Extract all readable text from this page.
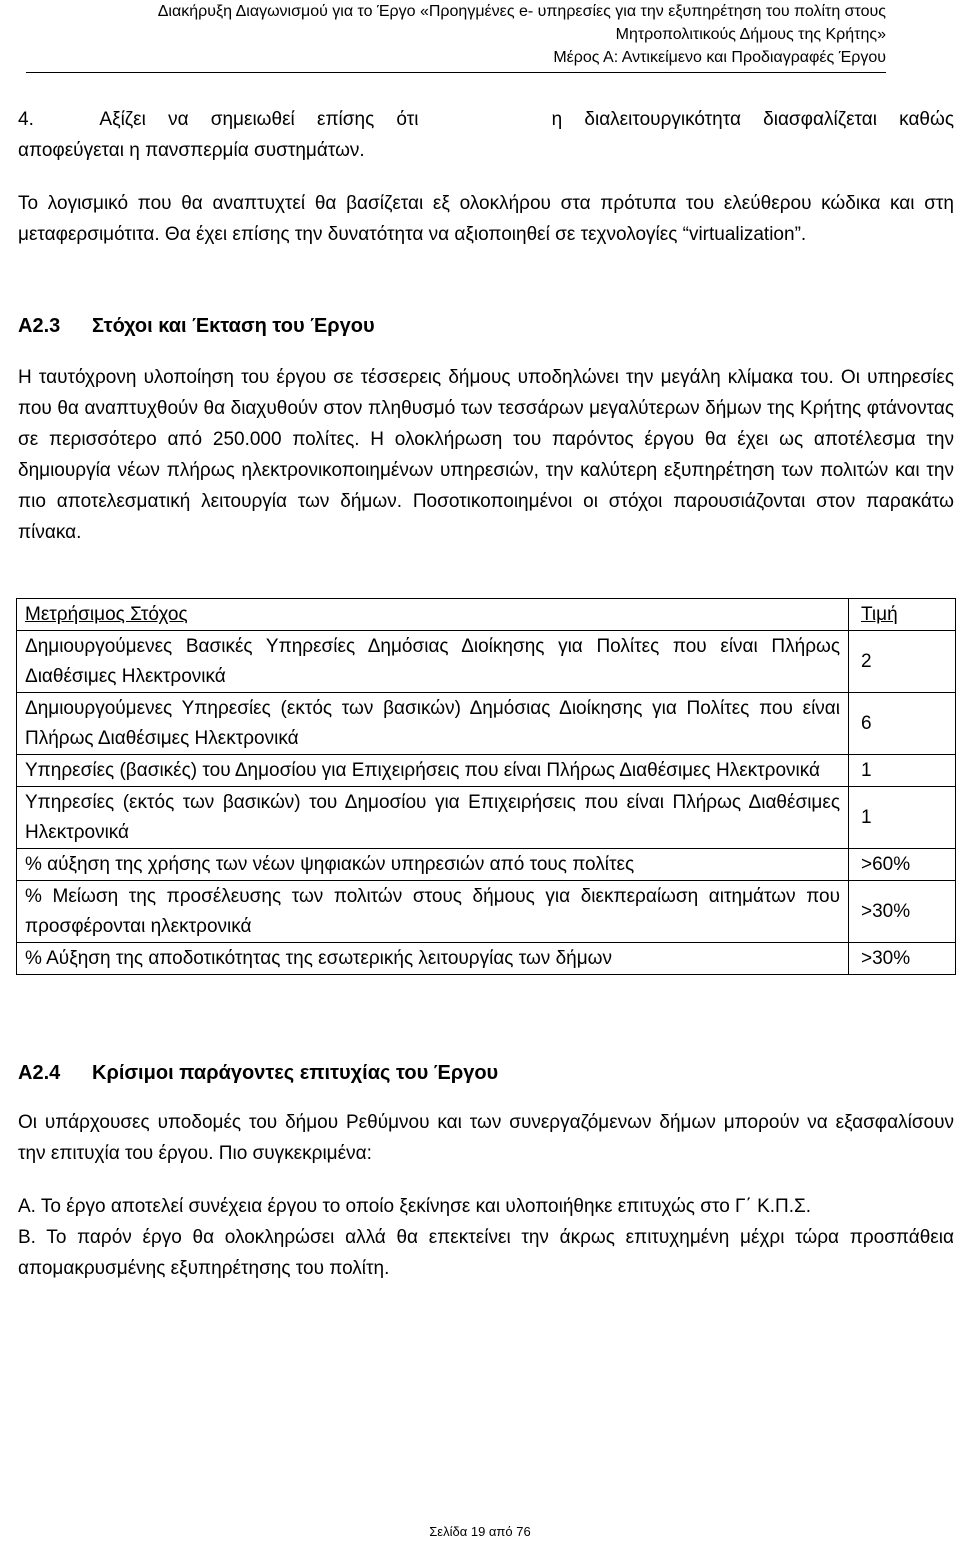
Διακήρυξη Διαγωνισμού για το Έργο «Προηγμένες e- υπηρεσίες για την εξυπηρέτηση του πολίτη στους
Μητροπολιτικούς Δήμους της Κρήτης»
Μέρος Α: Αντικείμενο και Προδιαγραφές Έργου

4.   Αξίζει να σημειωθεί επίσης ότι      η διαλειτουργικότητα διασφαλίζεται καθώς
αποφεύγεται η πανσπερμία συστημάτων.

Το λογισμικό που θα αναπτυχτεί θα βασίζεται εξ ολοκλήρου στα πρότυπα του ελεύθερου κώδικα και στη μεταφερσιμότιτα. Θα έχει επίσης την δυνατότητα να αξιοποιηθεί σε τεχνολογίες “virtualization”.

Α2.3	Στόχοι και Έκταση του Έργου

Η ταυτόχρονη υλοποίηση του έργου σε τέσσερεις δήμους υποδηλώνει την μεγάλη κλίμακα του. Οι υπηρεσίες που θα αναπτυχθούν θα διαχυθούν στον πληθυσμό των τεσσάρων μεγαλύτερων δήμων της Κρήτης φτάνοντας σε περισσότερο από 250.000 πολίτες. Η ολοκλήρωση του παρόντος έργου θα έχει ως αποτέλεσμα την δημιουργία νέων πλήρως ηλεκτρονικοποιημένων υπηρεσιών, την καλύτερη εξυπηρέτηση των πολιτών και την πιο αποτελεσματική λειτουργία των δήμων. Ποσοτικοποιημένοι οι στόχοι παρουσιάζονται στον παρακάτω πίνακα.

Μετρήσιμος Στόχος	Τιμή
Δημιουργούμενες Βασικές Υπηρεσίες Δημόσιας Διοίκησης για Πολίτες που είναι Πλήρως Διαθέσιμες Ηλεκτρονικά	2
Δημιουργούμενες Υπηρεσίες (εκτός των βασικών) Δημόσιας Διοίκησης για Πολίτες που είναι Πλήρως Διαθέσιμες Ηλεκτρονικά	6
Υπηρεσίες (βασικές) του Δημοσίου για Επιχειρήσεις που είναι Πλήρως Διαθέσιμες Ηλεκτρονικά	1
Υπηρεσίες (εκτός των βασικών) του Δημοσίου για Επιχειρήσεις που είναι Πλήρως Διαθέσιμες Ηλεκτρονικά	1
% αύξηση της χρήσης των νέων ψηφιακών υπηρεσιών από τους πολίτες	>60%
% Μείωση της προσέλευσης των πολιτών στους δήμους για διεκπεραίωση αιτημάτων που προσφέρονται ηλεκτρονικά	>30%
% Αύξηση της αποδοτικότητας της εσωτερικής λειτουργίας των δήμων	>30%
Α2.4	Κρίσιμοι παράγοντες επιτυχίας του Έργου

Οι υπάρχουσες υποδομές του δήμου Ρεθύμνου και των συνεργαζόμενων δήμων μπορούν να εξασφαλίσουν την επιτυχία του έργου. Πιο συγκεκριμένα:

Α. Το έργο αποτελεί συνέχεια έργου το οποίο ξεκίνησε και υλοποιήθηκε επιτυχώς στο Γ΄ Κ.Π.Σ.

Β. Το παρόν έργο θα ολοκληρώσει αλλά θα επεκτείνει την άκρως επιτυχημένη μέχρι τώρα προσπάθεια απομακρυσμένης εξυπηρέτησης του πολίτη.

Σελίδα 19 από 76
